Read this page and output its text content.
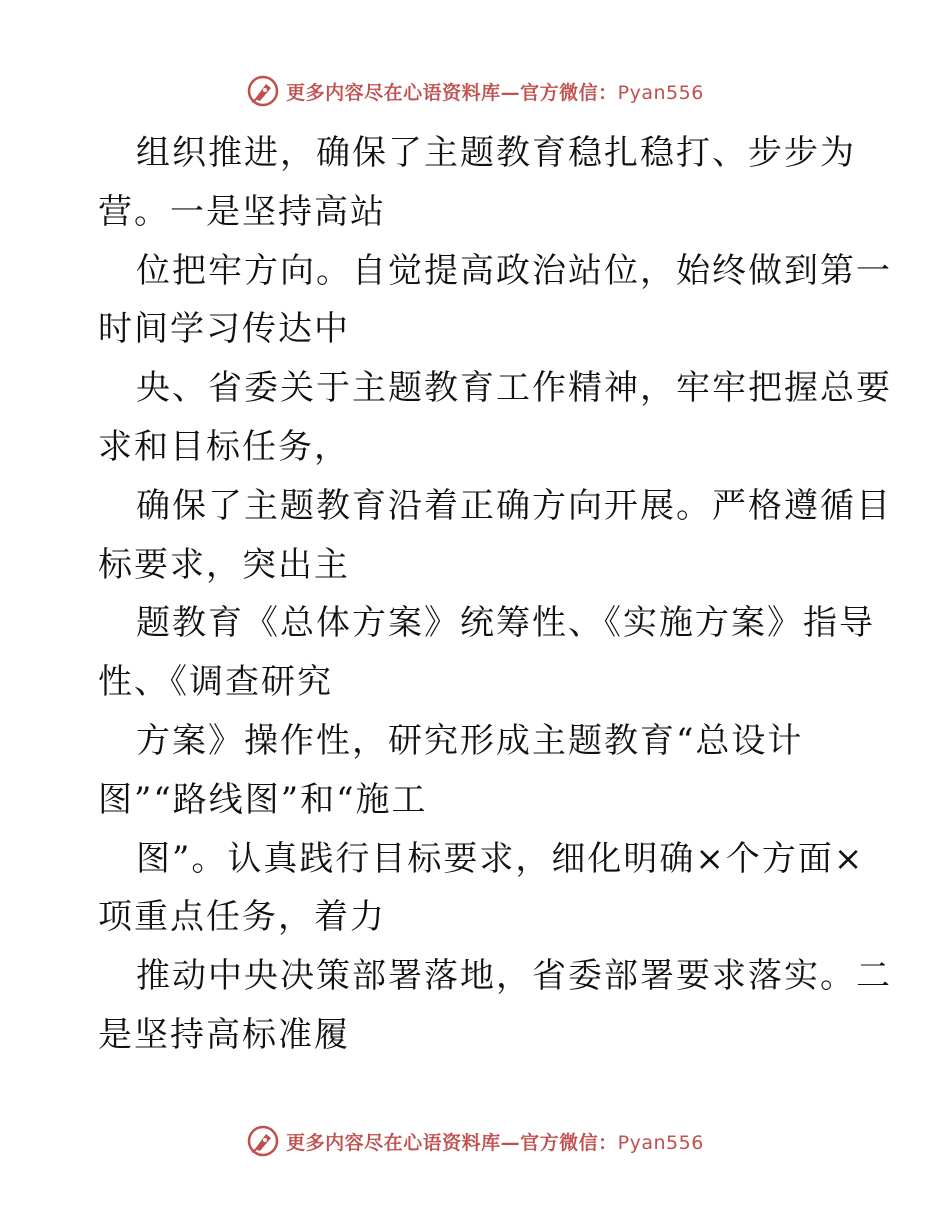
更多内容尽在心语资料库—官方微信：Pyan556
组织推进，确保了主题教育稳扎稳打、步步为
营。一是坚持高站
位把牢方向。自觉提高政治站位，始终做到第一
时间学习传达中
央、省委关于主题教育工作精神，牢牢把握总要
求和目标任务，
确保了主题教育沿着正确方向开展。严格遵循目
标要求，突出主
题教育《总体方案》统筹性、《实施方案》指导
性、《调查研究
方案》操作性，研究形成主题教育“总设计
图”“路线图”和“施工
图”。认真践行目标要求，细化明确×个方面×
项重点任务，着力
推动中央决策部署落地，省委部署要求落实。二
是坚持高标准履
更多内容尽在心语资料库—官方微信：Pyan556
